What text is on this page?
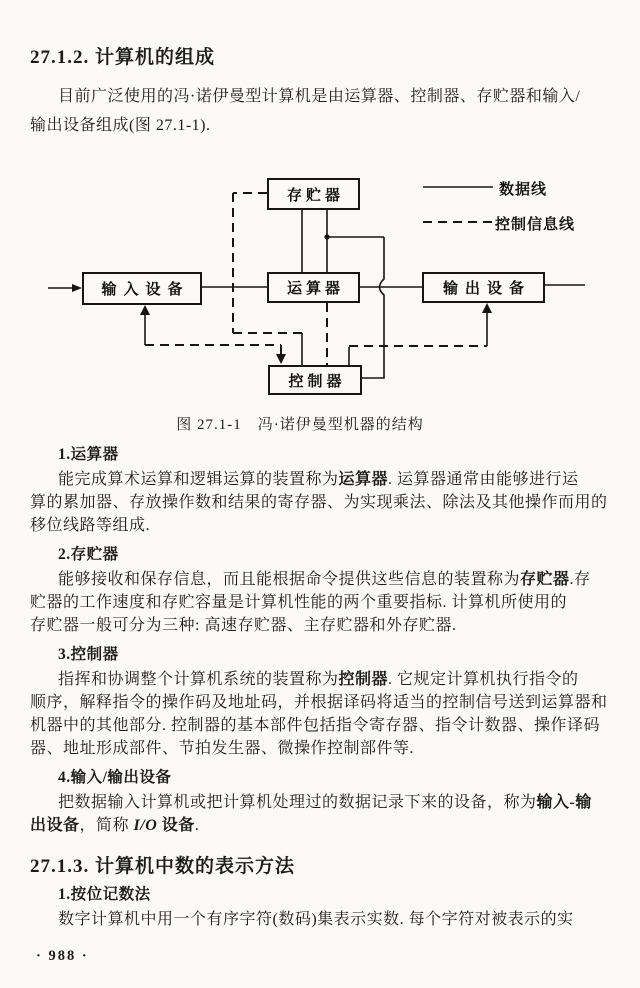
27.1.2. 计算机的组成
目前广泛使用的冯·诺伊曼型计算机是由运算器、控制器、存贮器和输入/
输出设备组成(图 27.1-1).
存贮器
输入设备	运算器	输出设备
控制器
数据线
控制信息线
图 27.1-1　冯·诺伊曼型机器的结构
1.运算器
能完成算术运算和逻辑运算的装置称为运算器. 运算器通常由能够进行运
算的累加器、存放操作数和结果的寄存器、为实现乘法、除法及其他操作而用的
移位线路等组成.
2.存贮器
能够接收和保存信息，而且能根据命令提供这些信息的装置称为存贮器.存
贮器的工作速度和存贮容量是计算机性能的两个重要指标. 计算机所使用的
存贮器一般可分为三种: 高速存贮器、主存贮器和外存贮器.
3.控制器
指挥和协调整个计算机系统的装置称为控制器. 它规定计算机执行指令的
顺序，解释指令的操作码及地址码，并根据译码将适当的控制信号送到运算器和
机器中的其他部分. 控制器的基本部件包括指令寄存器、指令计数器、操作译码
器、地址形成部件、节拍发生器、微操作控制部件等.
4.输入/输出设备
把数据输入计算机或把计算机处理过的数据记录下来的设备，称为输入-输
出设备，简称 I/O 设备.
27.1.3. 计算机中数的表示方法
1.按位记数法
数字计算机中用一个有序字符(数码)集表示实数. 每个字符对被表示的实
· 988 ·
